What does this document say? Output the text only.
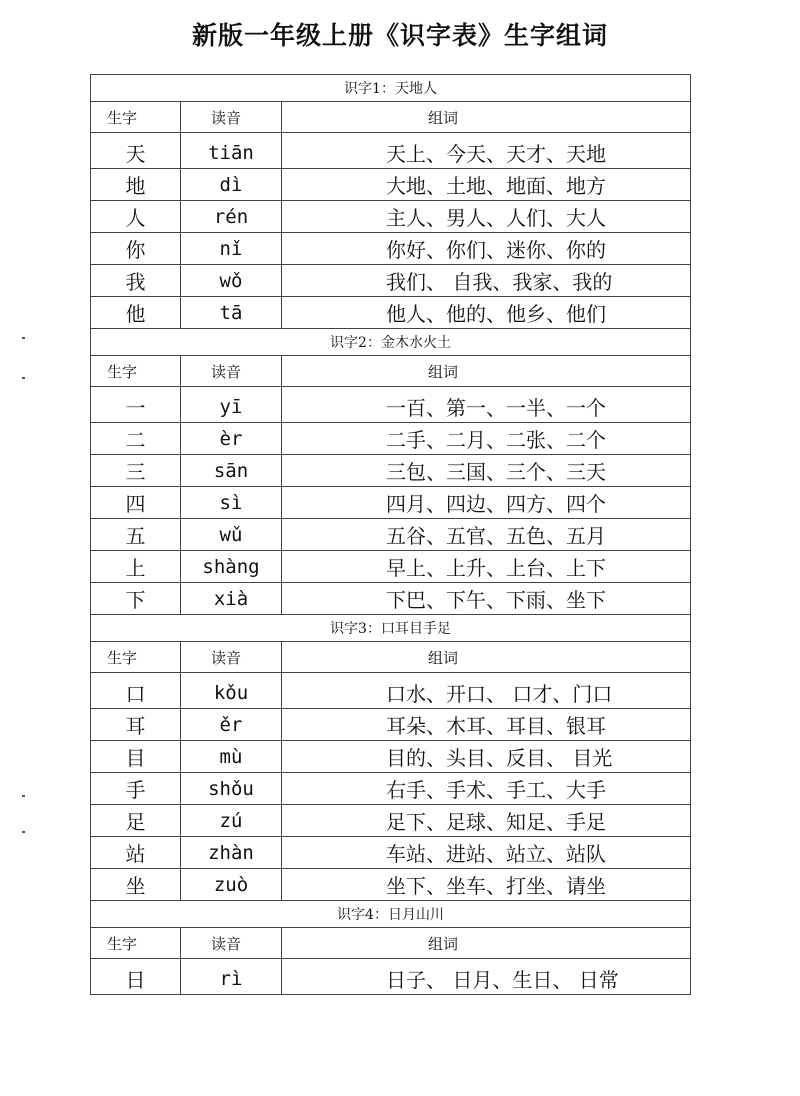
新版一年级上册《识字表》生字组词
识字1：天地人		
生字	读音	组词
天	tiān	天上、今天、天才、天地
地	dì	大地、土地、地面、地方
人	rén	主人、男人、人们、大人
你	nǐ	你好、你们、迷你、你的
我	wǒ	我们、 自我、我家、我的
他	tā	他人、他的、他乡、他们
识字2：金木水火土		
生字	读音	组词
一	yī	一百、第一、一半、一个
二	èr	二手、二月、二张、二个
三	sān	三包、三国、三个、三天
四	sì	四月、四边、四方、四个
五	wǔ	五谷、五官、五色、五月
上	shàng	早上、上升、上台、上下
下	xià	下巴、下午、下雨、坐下
识字3：口耳目手足		
生字	读音	组词
口	kǒu	口水、开口、 口才、门口
耳	ěr	耳朵、木耳、耳目、银耳
目	mù	目的、头目、反目、 目光
手	shǒu	右手、手术、手工、大手
足	zú	足下、足球、知足、手足
站	zhàn	车站、进站、站立、站队
坐	zuò	坐下、坐车、打坐、请坐
识字4：日月山川		
生字	读音	组词
日	rì	日子、 日月、生日、 日常
